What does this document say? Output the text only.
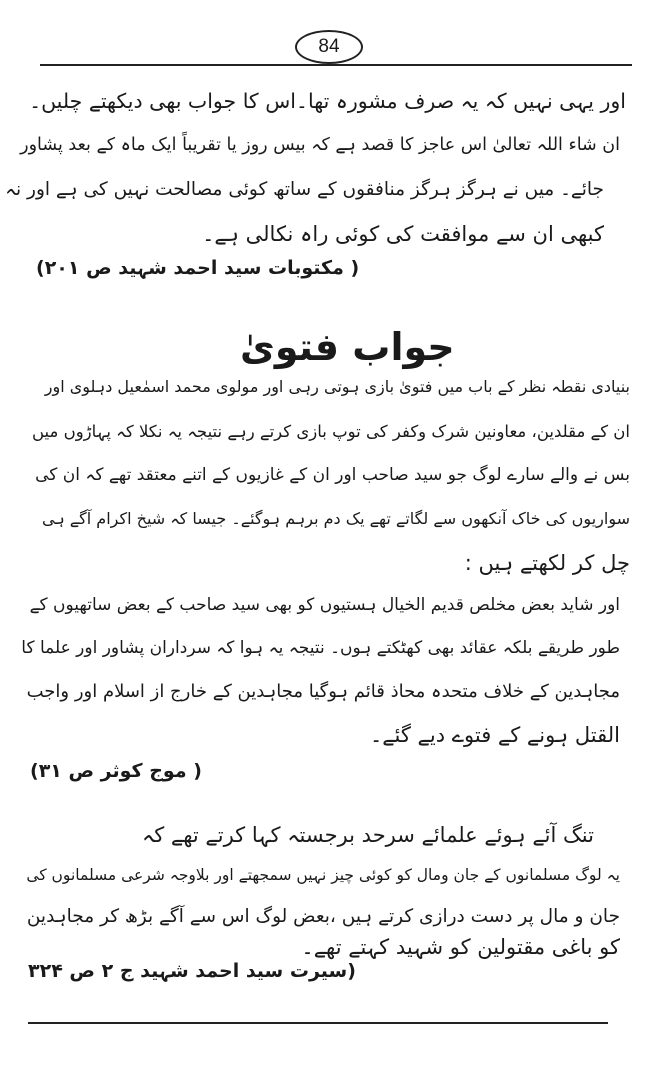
84
اور یہی نہیں کہ یہ صرف مشورہ تھا۔اس کا جواب بھی دیکھتے چلیں۔
ان شاء اللہ تعالیٰ اس عاجز کا قصد ہے کہ بیس روز یا تقریباً ایک ماہ کے بعد پشاور
جائے۔ میں نے ہرگز ہرگز منافقوں کے ساتھ کوئی مصالحت نہیں کی ہے اور نہ
کبھی ان سے موافقت کی کوئی راہ نکالی ہے۔
( مکتوبات سید احمد شہید ص ۲۰۱)
جواب فتویٰ
بنیادی نقطہ نظر کے باب میں فتویٰ بازی ہوتی رہی اور مولوی محمد اسمٰعیل دہلوی اور
ان کے مقلدین، معاونین شرک وکفر کی توپ بازی کرتے رہے نتیجہ یہ نکلا کہ پہاڑوں میں
بس نے والے سارے لوگ جو سید صاحب اور ان کے غازیوں کے اتنے معتقد تھے کہ ان کی
سواریوں کی خاک آنکھوں سے لگاتے تھے یک دم برہم ہوگئے۔ جیسا کہ شیخ اکرام آگے ہی
چل کر لکھتے ہیں :
اور شاید بعض مخلص قدیم الخیال ہستیوں کو بھی سید صاحب کے بعض ساتھیوں کے
طور طریقے بلکہ عقائد بھی کھٹکتے ہوں۔ نتیجہ یہ ہوا کہ سرداران پشاور اور علما کا
مجاہدین کے خلاف متحدہ محاذ قائم ہوگیا مجاہدین کے خارج از اسلام اور واجب
القتل ہونے کے فتوے دیے گئے۔
( موج کوثر ص ۳۱)
تنگ آئے ہوئے علمائے سرحد برجستہ کہا کرتے تھے کہ
یہ لوگ مسلمانوں کے جان ومال کو کوئی چیز نہیں سمجھتے اور بلاوجہ شرعی مسلمانوں کی
جان و مال پر دست درازی کرتے ہیں ،بعض لوگ اس سے آگے بڑھ کر مجاہدین
کو باغی مقتولین کو شہید کہتے تھے۔
(سیرت سید احمد شہید ج ۲ ص ۳۲۴
